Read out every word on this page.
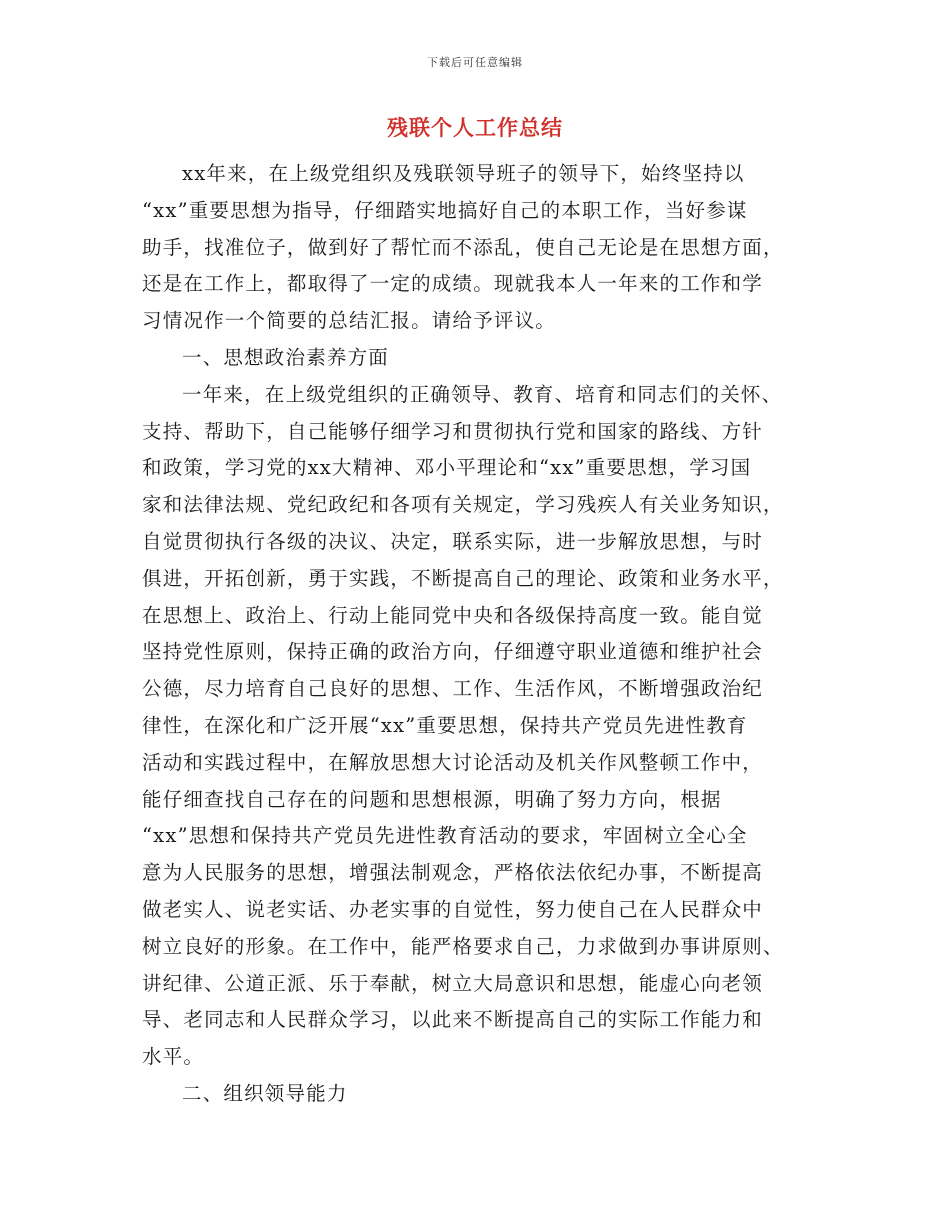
下载后可任意编辑
残联个人工作总结
xx年来，在上级党组织及残联领导班子的领导下，始终坚持以
“xx”重要思想为指导，仔细踏实地搞好自己的本职工作，当好参谋
助手，找准位子，做到好了帮忙而不添乱，使自己无论是在思想方面，
还是在工作上，都取得了一定的成绩。现就我本人一年来的工作和学
习情况作一个简要的总结汇报。请给予评议。
一、思想政治素养方面
一年来，在上级党组织的正确领导、教育、培育和同志们的关怀、
支持、帮助下，自己能够仔细学习和贯彻执行党和国家的路线、方针
和政策，学习党的xx大精神、邓小平理论和“xx”重要思想，学习国
家和法律法规、党纪政纪和各项有关规定，学习残疾人有关业务知识，
自觉贯彻执行各级的决议、决定，联系实际，进一步解放思想，与时
俱进，开拓创新，勇于实践，不断提高自己的理论、政策和业务水平，
在思想上、政治上、行动上能同党中央和各级保持高度一致。能自觉
坚持党性原则，保持正确的政治方向，仔细遵守职业道德和维护社会
公德，尽力培育自己良好的思想、工作、生活作风，不断增强政治纪
律性，在深化和广泛开展“xx”重要思想，保持共产党员先进性教育
活动和实践过程中，在解放思想大讨论活动及机关作风整顿工作中，
能仔细查找自己存在的问题和思想根源，明确了努力方向，根据
“xx”思想和保持共产党员先进性教育活动的要求，牢固树立全心全
意为人民服务的思想，增强法制观念，严格依法依纪办事，不断提高
做老实人、说老实话、办老实事的自觉性，努力使自己在人民群众中
树立良好的形象。在工作中，能严格要求自己，力求做到办事讲原则、
讲纪律、公道正派、乐于奉献，树立大局意识和思想，能虚心向老领
导、老同志和人民群众学习，以此来不断提高自己的实际工作能力和
水平。
二、组织领导能力
